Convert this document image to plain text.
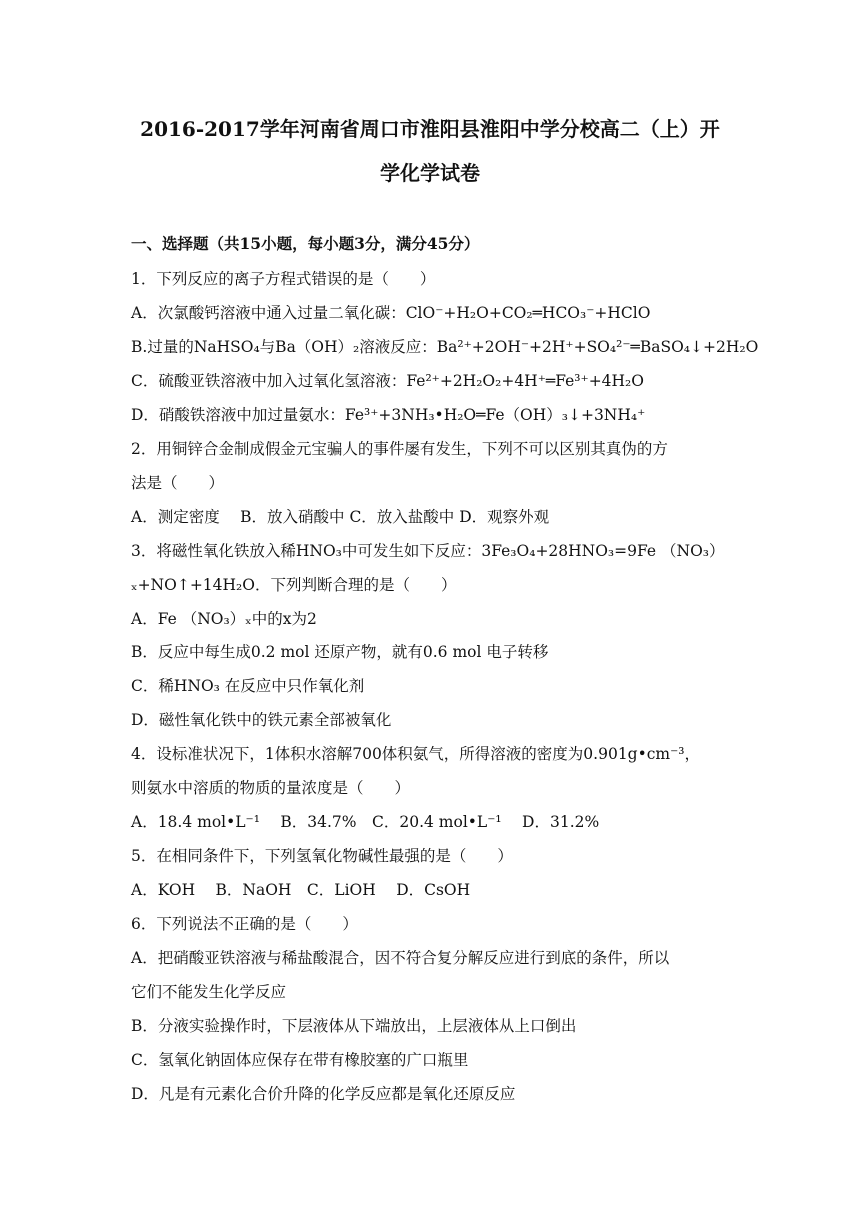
2016-2017学年河南省周口市淮阳县淮阳中学分校高二（上）开
学化学试卷
一、选择题（共15小题，每小题3分，满分45分）
1．下列反应的离子方程式错误的是（　　）
A．次氯酸钙溶液中通入过量二氧化碳：ClO⁻+H₂O+CO₂═HCO₃⁻+HClO
B.过量的NaHSO₄与Ba（OH）₂溶液反应：Ba²⁺+2OH⁻+2H⁺+SO₄²⁻═BaSO₄↓+2H₂O
C．硫酸亚铁溶液中加入过氧化氢溶液：Fe²⁺+2H₂O₂+4H⁺═Fe³⁺+4H₂O
D．硝酸铁溶液中加过量氨水：Fe³⁺+3NH₃•H₂O═Fe（OH）₃↓+3NH₄⁺
2．用铜锌合金制成假金元宝骗人的事件屡有发生，下列不可以区别其真伪的方
法是（　　）
A．测定密度　 B．放入硝酸中 C．放入盐酸中 D．观察外观
3．将磁性氧化铁放入稀HNO₃中可发生如下反应：3Fe₃O₄+28HNO₃=9Fe （NO₃）
ₓ+NO↑+14H₂O．下列判断合理的是（　　）
A．Fe （NO₃）ₓ中的x为2
B．反应中每生成0.2 mol 还原产物，就有0.6 mol 电子转移
C．稀HNO₃ 在反应中只作氧化剂
D．磁性氧化铁中的铁元素全部被氧化
4．设标准状况下，1体积水溶解700体积氨气，所得溶液的密度为0.901g•cm⁻³，
则氨水中溶质的物质的量浓度是（　　）
A．18.4 mol•L⁻¹　 B．34.7%　C．20.4 mol•L⁻¹　 D．31.2%
5．在相同条件下，下列氢氧化物碱性最强的是（　　）
A．KOH　 B．NaOH　C．LiOH　 D．CsOH
6．下列说法不正确的是（　　）
A．把硝酸亚铁溶液与稀盐酸混合，因不符合复分解反应进行到底的条件，所以
它们不能发生化学反应
B．分液实验操作时，下层液体从下端放出，上层液体从上口倒出
C．氢氧化钠固体应保存在带有橡胶塞的广口瓶里
D．凡是有元素化合价升降的化学反应都是氧化还原反应
